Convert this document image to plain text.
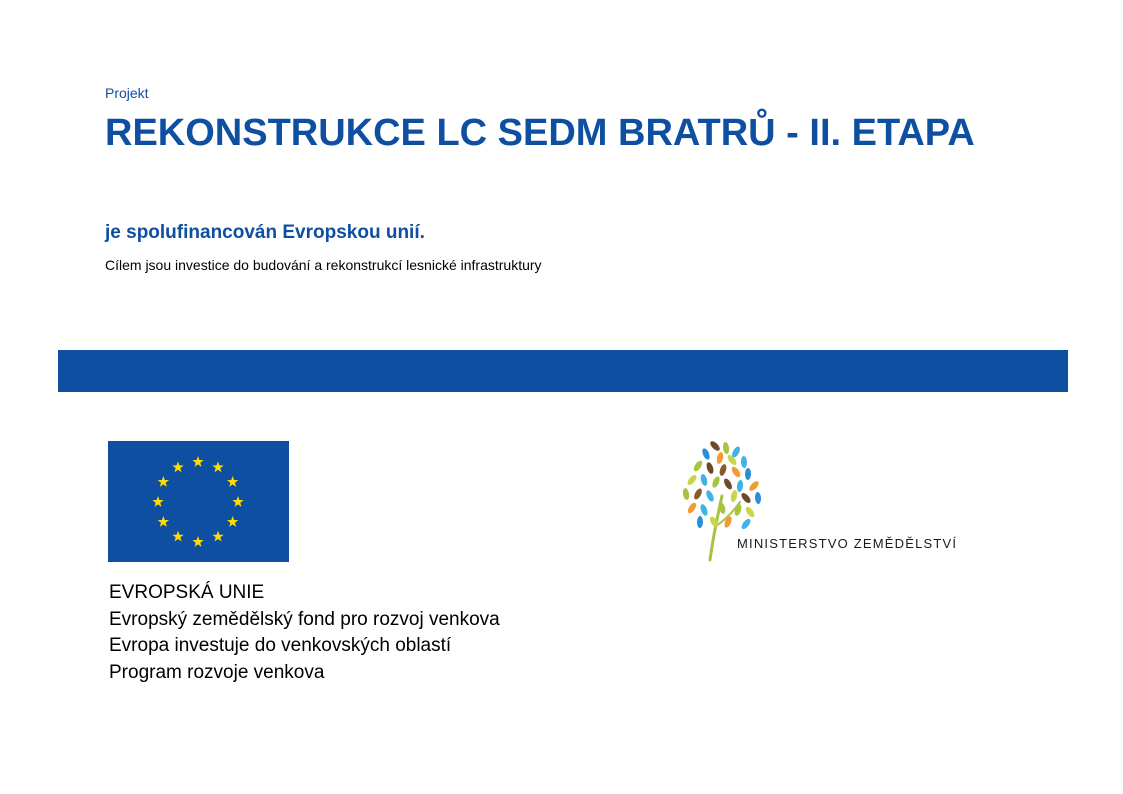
Projekt
REKONSTRUKCE LC SEDM BRATRŮ - II. ETAPA
je spolufinancován Evropskou unií.
Cílem jsou investice do budování a rekonstrukcí lesnické infrastruktury
EVROPSKÁ UNIE
Evropský zemědělský fond pro rozvoj venkova
Evropa investuje do venkovských oblastí
Program rozvoje venkova
MINISTERSTVO ZEMĚDĚLSTVÍ
